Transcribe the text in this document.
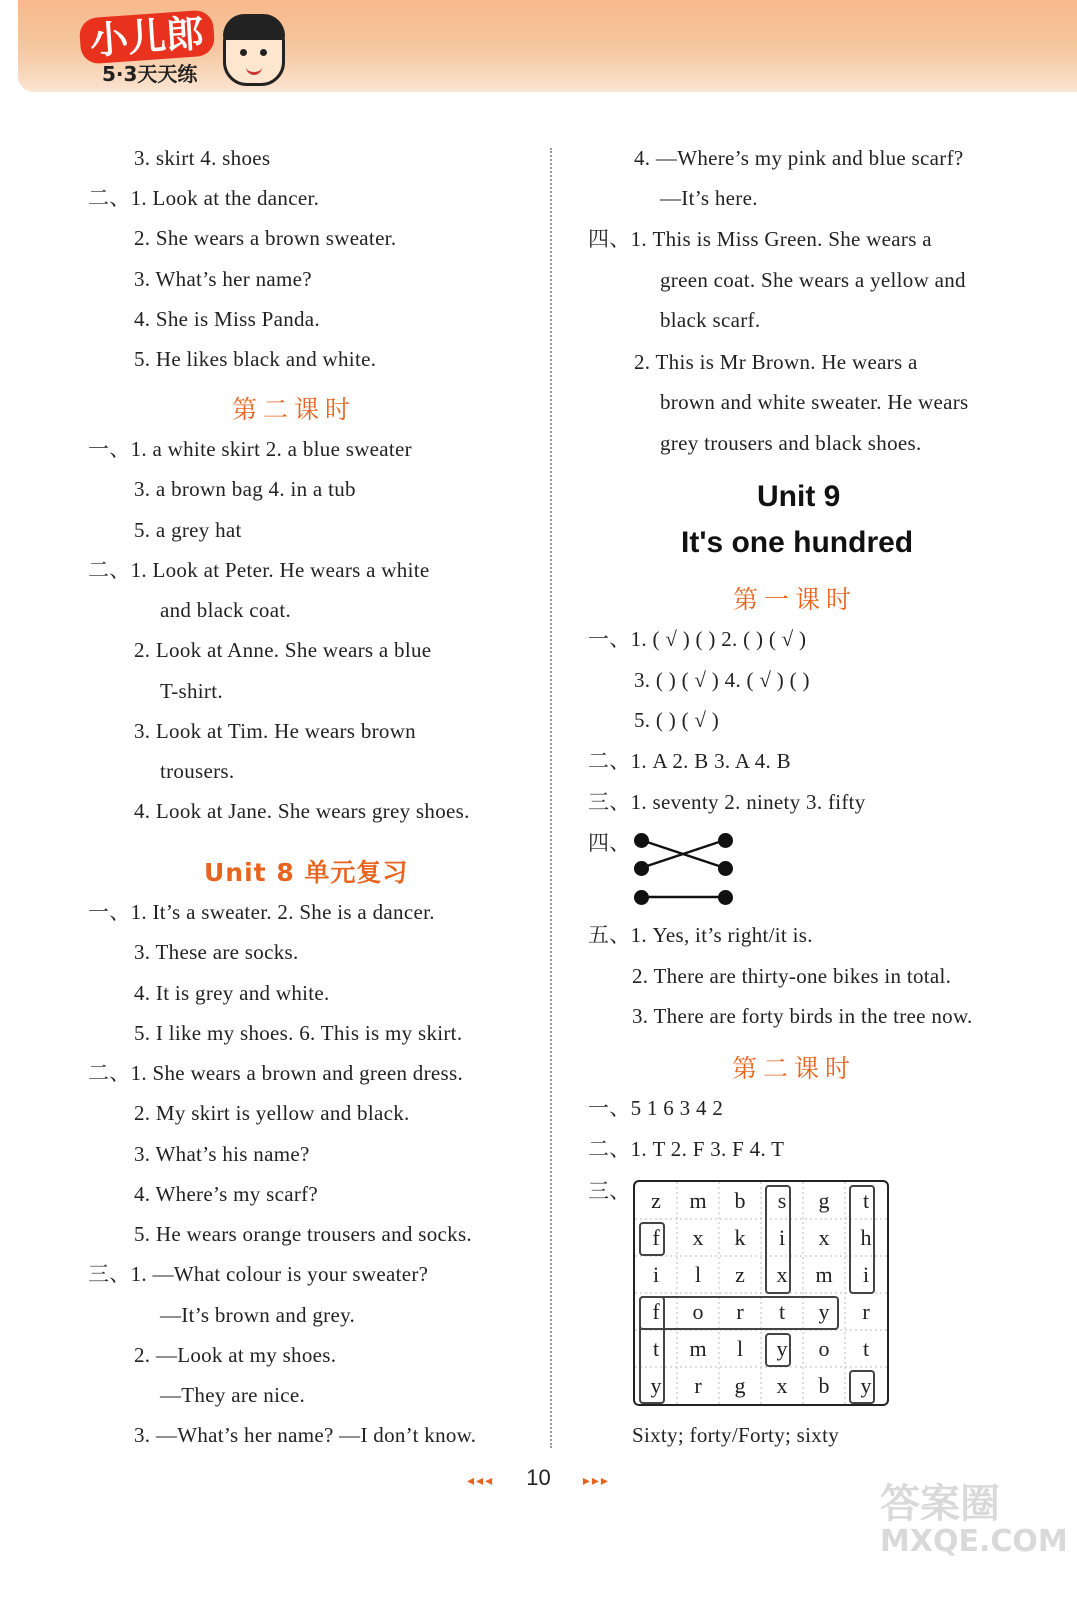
小儿郎
5·3天天练
3. skirt 4. shoes
二、1. Look at the dancer.
2. She wears a brown sweater.
3. What’s her name?
4. She is Miss Panda.
5. He likes black and white.
第二课时
一、1. a white skirt 2. a blue sweater
3. a brown bag 4. in a tub
5. a grey hat
二、1. Look at Peter. He wears a white
and black coat.
2. Look at Anne. She wears a blue
T-shirt.
3. Look at Tim. He wears brown
trousers.
4. Look at Jane. She wears grey shoes.
Unit 8 单元复习
一、1. It’s a sweater. 2. She is a dancer.
3. These are socks.
4. It is grey and white.
5. I like my shoes. 6. This is my skirt.
二、1. She wears a brown and green dress.
2. My skirt is yellow and black.
3. What’s his name?
4. Where’s my scarf?
5. He wears orange trousers and socks.
三、1. —What colour is your sweater?
—It’s brown and grey.
2. —Look at my shoes.
—They are nice.
3. —What’s her name? —I don’t know.
4. —Where’s my pink and blue scarf?
—It’s here.
四、1. This is Miss Green. She wears a
green coat. She wears a yellow and
black scarf.
2. This is Mr Brown. He wears a
brown and white sweater. He wears
grey trousers and black shoes.
Unit 9
It's one hundred
第一课时
一、1. ( √ ) ( ) 2. ( ) ( √ )
3. ( ) ( √ ) 4. ( √ ) ( )
5. ( ) ( √ )
二、1. A 2. B 3. A 4. B
三、1. seventy 2. ninety 3. fifty
四、
五、1. Yes, it’s right/it is.
2. There are thirty-one bikes in total.
3. There are forty birds in the tree now.
第二课时
一、5 1 6 3 4 2
二、1. T 2. F 3. F 4. T
三、 z	m	b	s	g	t
f	x	k	i	x	h
i	l	z	x	m	i
f	o	r	t	y	r
t	m	l	y	o	t
y	r	g	x	b	y
Sixty; forty/Forty; sixty
◂◂◂ 10 ▸▸▸
答案圈
MXQE.COM
